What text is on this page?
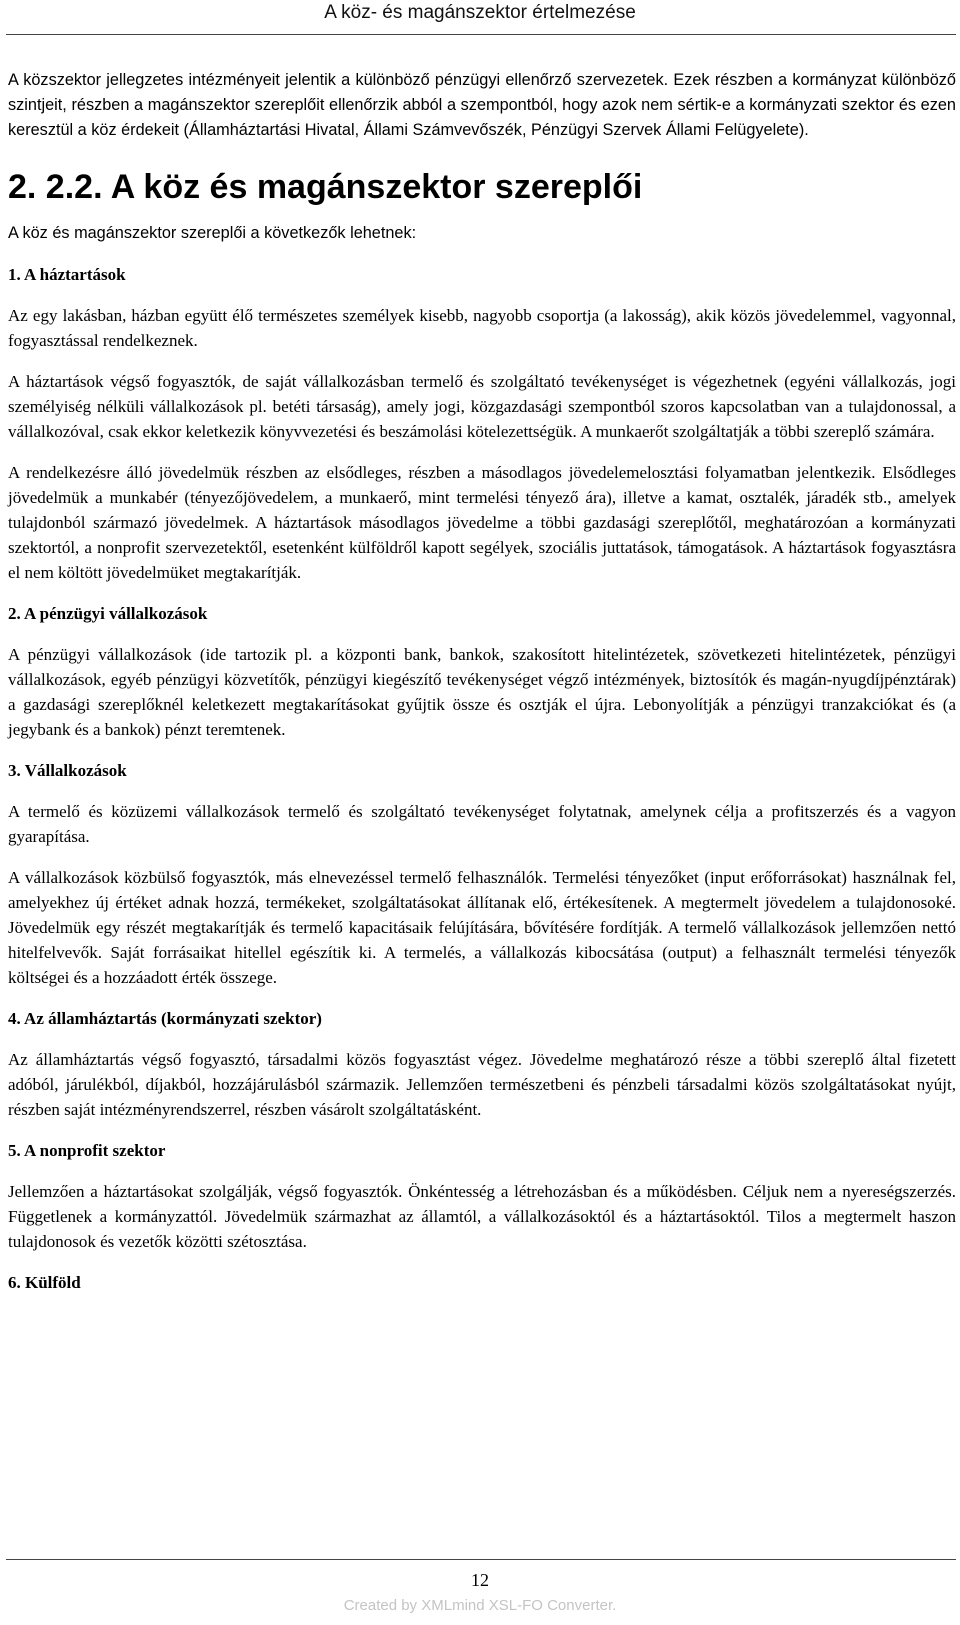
A köz- és magánszektor értelmezése

A közszektor jellegzetes intézményeit jelentik a különböző pénzügyi ellenőrző szervezetek. Ezek részben a kormányzat különböző szintjeit, részben a magánszektor szereplőit ellenőrzik abból a szempontból, hogy azok nem sértik-e a kormányzati szektor és ezen keresztül a köz érdekeit (Államháztartási Hivatal, Állami Számvevőszék, Pénzügyi Szervek Állami Felügyelete).

2. 2.2. A köz és magánszektor szereplői

A köz és magánszektor szereplői a következők lehetnek:

1. A háztartások

Az egy lakásban, házban együtt élő természetes személyek kisebb, nagyobb csoportja (a lakosság), akik közös jövedelemmel, vagyonnal, fogyasztással rendelkeznek.

A háztartások végső fogyasztók, de saját vállalkozásban termelő és szolgáltató tevékenységet is végezhetnek (egyéni vállalkozás, jogi személyiség nélküli vállalkozások pl. betéti társaság), amely jogi, közgazdasági szempontból szoros kapcsolatban van a tulajdonossal, a vállalkozóval, csak ekkor keletkezik könyvvezetési és beszámolási kötelezettségük. A munkaerőt szolgáltatják a többi szereplő számára.

A rendelkezésre álló jövedelmük részben az elsődleges, részben a másodlagos jövedelemelosztási folyamatban jelentkezik. Elsődleges jövedelmük a munkabér (tényezőjövedelem, a munkaerő, mint termelési tényező ára), illetve a kamat, osztalék, járadék stb., amelyek tulajdonból származó jövedelmek. A háztartások másodlagos jövedelme a többi gazdasági szereplőtől, meghatározóan a kormányzati szektortól, a nonprofit szervezetektől, esetenként külföldről kapott segélyek, szociális juttatások, támogatások. A háztartások fogyasztásra el nem költött jövedelmüket megtakarítják.

2. A pénzügyi vállalkozások

A pénzügyi vállalkozások (ide tartozik pl. a központi bank, bankok, szakosított hitelintézetek, szövetkezeti hitelintézetek, pénzügyi vállalkozások, egyéb pénzügyi közvetítők, pénzügyi kiegészítő tevékenységet végző intézmények, biztosítók és magán-nyugdíjpénztárak) a gazdasági szereplőknél keletkezett megtakarításokat gyűjtik össze és osztják el újra. Lebonyolítják a pénzügyi tranzakciókat és (a jegybank és a bankok) pénzt teremtenek.

3. Vállalkozások

A termelő és közüzemi vállalkozások termelő és szolgáltató tevékenységet folytatnak, amelynek célja a profitszerzés és a vagyon gyarapítása.

A vállalkozások közbülső fogyasztók, más elnevezéssel termelő felhasználók. Termelési tényezőket (input erőforrásokat) használnak fel, amelyekhez új értéket adnak hozzá, termékeket, szolgáltatásokat állítanak elő, értékesítenek. A megtermelt jövedelem a tulajdonosoké. Jövedelmük egy részét megtakarítják és termelő kapacitásaik felújítására, bővítésére fordítják. A termelő vállalkozások jellemzően nettó hitelfelvevők. Saját forrásaikat hitellel egészítik ki. A termelés, a vállalkozás kibocsátása (output) a felhasznált termelési tényezők költségei és a hozzáadott érték összege.

4. Az államháztartás (kormányzati szektor)

Az államháztartás végső fogyasztó, társadalmi közös fogyasztást végez. Jövedelme meghatározó része a többi szereplő által fizetett adóból, járulékból, díjakból, hozzájárulásból származik. Jellemzően természetbeni és pénzbeli társadalmi közös szolgáltatásokat nyújt, részben saját intézményrendszerrel, részben vásárolt szolgáltatásként.

5. A nonprofit szektor

Jellemzően a háztartásokat szolgálják, végső fogyasztók. Önkéntesség a létrehozásban és a működésben. Céljuk nem a nyereségszerzés. Függetlenek a kormányzattól. Jövedelmük származhat az államtól, a vállalkozásoktól és a háztartásoktól. Tilos a megtermelt haszon tulajdonosok és vezetők közötti szétosztása.

6. Külföld

12
Created by XMLmind XSL-FO Converter.
